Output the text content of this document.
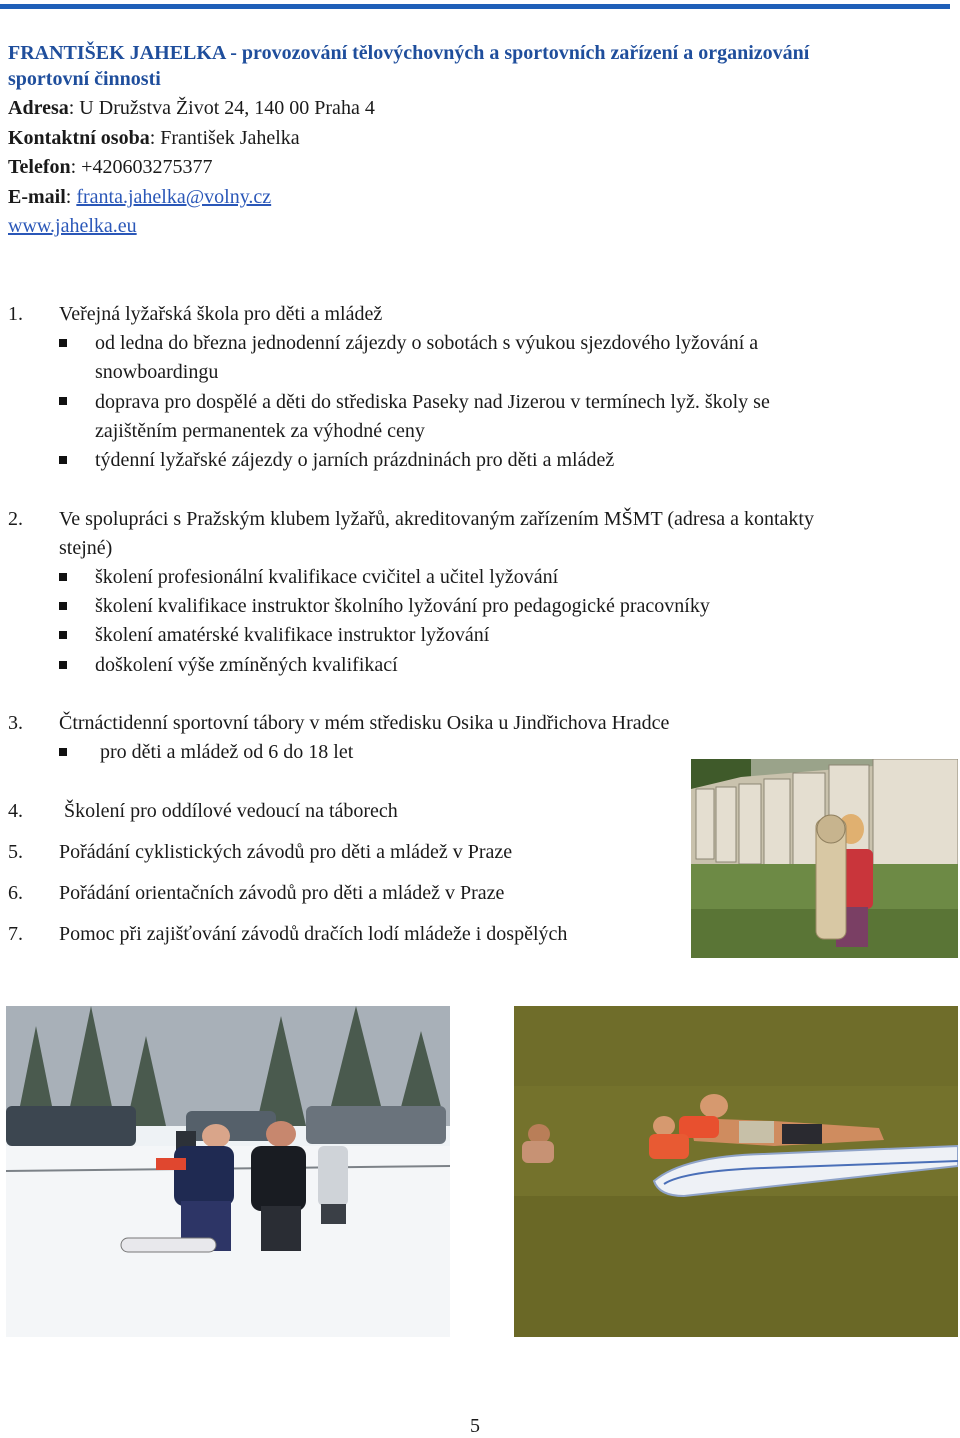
FRANTIŠEK JAHELKA - provozování tělovýchovných a sportovních zařízení a organizování
sportovní činnosti
Adresa: U Družstva Život 24, 140 00 Praha 4
Kontaktní osoba: František Jahelka
Telefon: +420603275377
E-mail: franta.jahelka@volny.cz
www.jahelka.eu
1. Veřejná lyžařská škola pro děti a mládež
od ledna do března jednodenní zájezdy o sobotách s výukou sjezdového lyžování a
snowboardingu
doprava pro dospělé a děti do střediska Paseky nad Jizerou v termínech lyž. školy se
zajištěním permanentek za výhodné ceny
týdenní lyžařské zájezdy o jarních prázdninách pro děti a mládež
2. Ve spolupráci s Pražským klubem lyžařů, akreditovaným zařízením MŠMT (adresa a kontakty
stejné)
školení profesionální kvalifikace cvičitel a učitel lyžování
školení kvalifikace instruktor školního lyžování pro pedagogické pracovníky
školení amatérské kvalifikace instruktor lyžování
doškolení výše zmíněných kvalifikací
3. Čtrnáctidenní sportovní tábory v mém středisku Osika u Jindřichova Hradce
pro děti a mládež od 6 do 18 let
4. Školení pro oddílové vedoucí na táborech
5. Pořádání cyklistických závodů pro děti a mládež v Praze
6. Pořádání orientačních závodů pro děti a mládež v Praze
7. Pomoc při zajišťování závodů dračích lodí mládeže i dospělých
5
